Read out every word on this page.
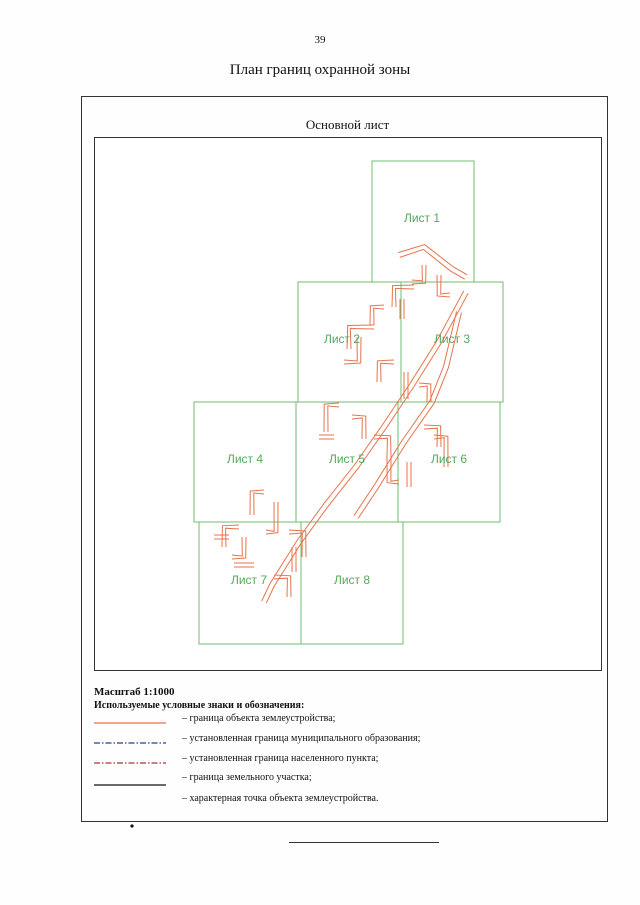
39
План границ охранной зоны
Основной лист
Лист 1
Лист 2	Лист 3
Лист 4	Лист 5	Лист 6
Лист 7	Лист 8
Масштаб 1:1000
Используемые условные знаки и обозначения:
– граница объекта землеустройства;
– установленная граница муниципального образования;
– установленная граница населенного пункта;
– граница земельного участка;
– характерная точка объекта землеустройства.
